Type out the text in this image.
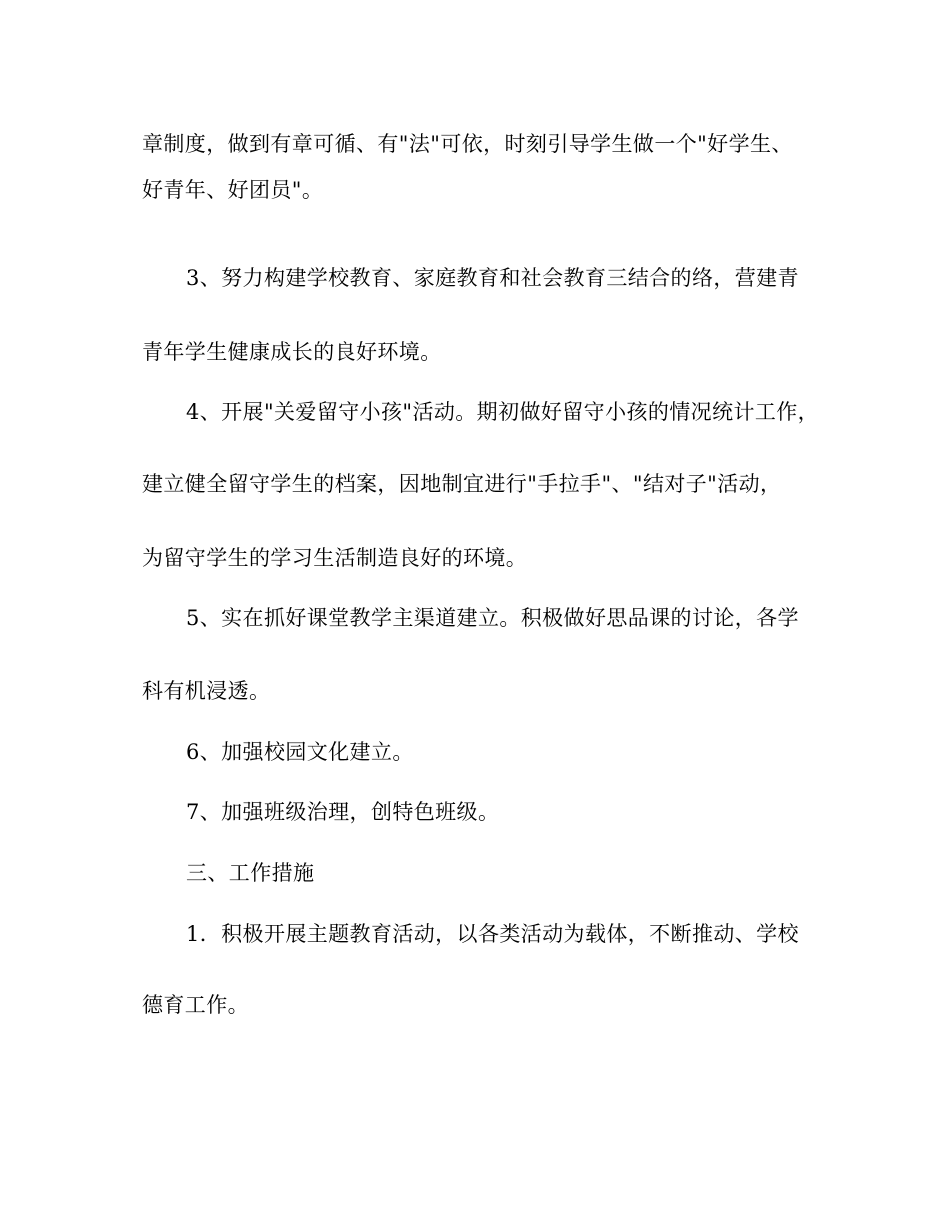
章制度，做到有章可循、有"法"可依，时刻引导学生做一个"好学生、
好青年、好团员"。
3、努力构建学校教育、家庭教育和社会教育三结合的络，营建青
青年学生健康成长的良好环境。
4、开展"关爱留守小孩"活动。期初做好留守小孩的情况统计工作，
建立健全留守学生的档案，因地制宜进行"手拉手"、"结对子"活动，
为留守学生的学习生活制造良好的环境。
5、实在抓好课堂教学主渠道建立。积极做好思品课的讨论，各学
科有机浸透。
6、加强校园文化建立。
7、加强班级治理，创特色班级。
三、工作措施
1．积极开展主题教育活动，以各类活动为载体，不断推动、学校
德育工作。
